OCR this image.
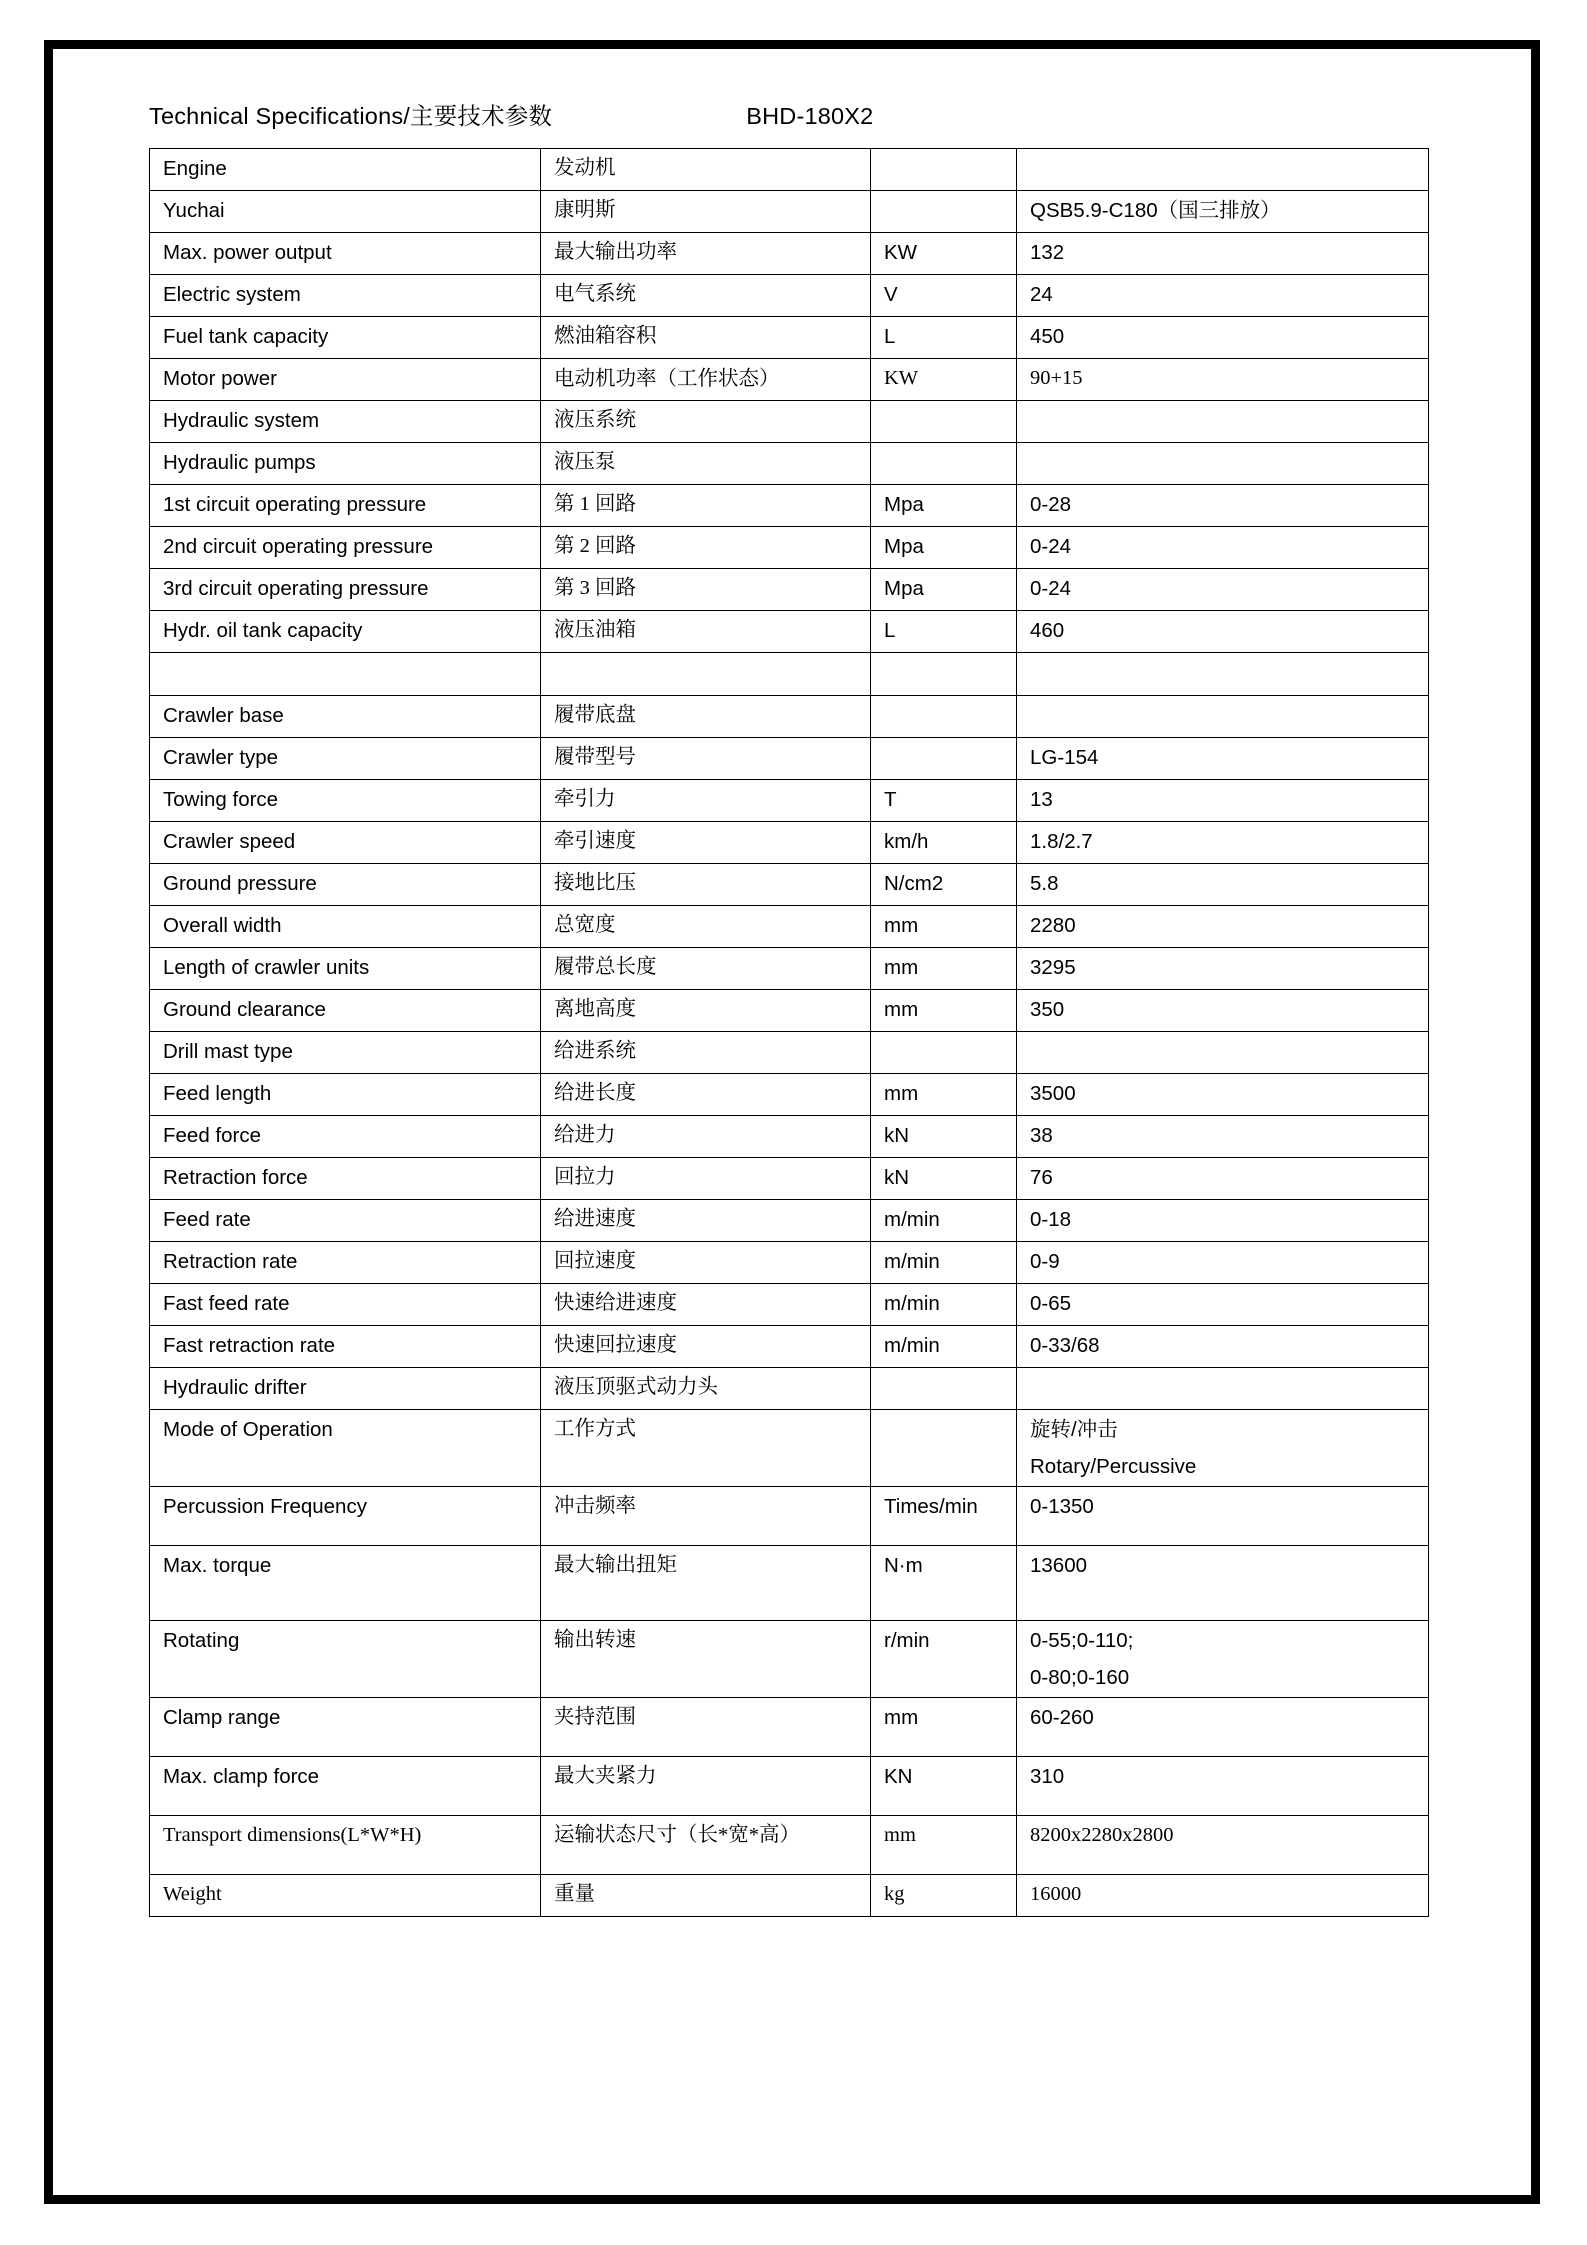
Technical Specifications/主要技术参数	BHD-180X2
Engine	发动机		
Yuchai	康明斯		QSB5.9-C180（国三排放）
Max. power output	最大输出功率	KW	132
Electric system	电气系统	V	24
Fuel tank capacity	燃油箱容积	L	450
Motor power	电动机功率（工作状态）	KW	90+15
Hydraulic system	液压系统		
Hydraulic pumps	液压泵		
1st circuit operating pressure	第 1 回路	Mpa	0-28
2nd circuit operating pressure	第 2 回路	Mpa	0-24
3rd circuit operating pressure	第 3 回路	Mpa	0-24
Hydr. oil tank capacity	液压油箱	L	460

Crawler base	履带底盘		
Crawler type	履带型号		LG-154
Towing force	牵引力	T	13
Crawler speed	牵引速度	km/h	1.8/2.7
Ground pressure	接地比压	N/cm2	5.8
Overall width	总宽度	mm	2280
Length of crawler units	履带总长度	mm	3295
Ground clearance	离地高度	mm	350
Drill mast type	给进系统		
Feed length	给进长度	mm	3500
Feed force	给进力	kN	38
Retraction force	回拉力	kN	76
Feed rate	给进速度	m/min	0-18
Retraction rate	回拉速度	m/min	0-9
Fast feed rate	快速给进速度	m/min	0-65
Fast retraction rate	快速回拉速度	m/min	0-33/68
Hydraulic drifter	液压顶驱式动力头		
Mode of Operation	工作方式		旋转/冲击
Rotary/Percussive

Percussion Frequency	冲击频率	Times/min	0-1350
Max. torque	最大输出扭矩	N·m	13600
Rotating	输出转速	r/min	0-55;0-110;
0-80;0-160

Clamp range	夹持范围	mm	60-260
Max. clamp force	最大夹紧力	KN	310
Transport dimensions(L*W*H)	运输状态尺寸（长*宽*高）	mm	8200x2280x2800
Weight	重量	kg	16000
